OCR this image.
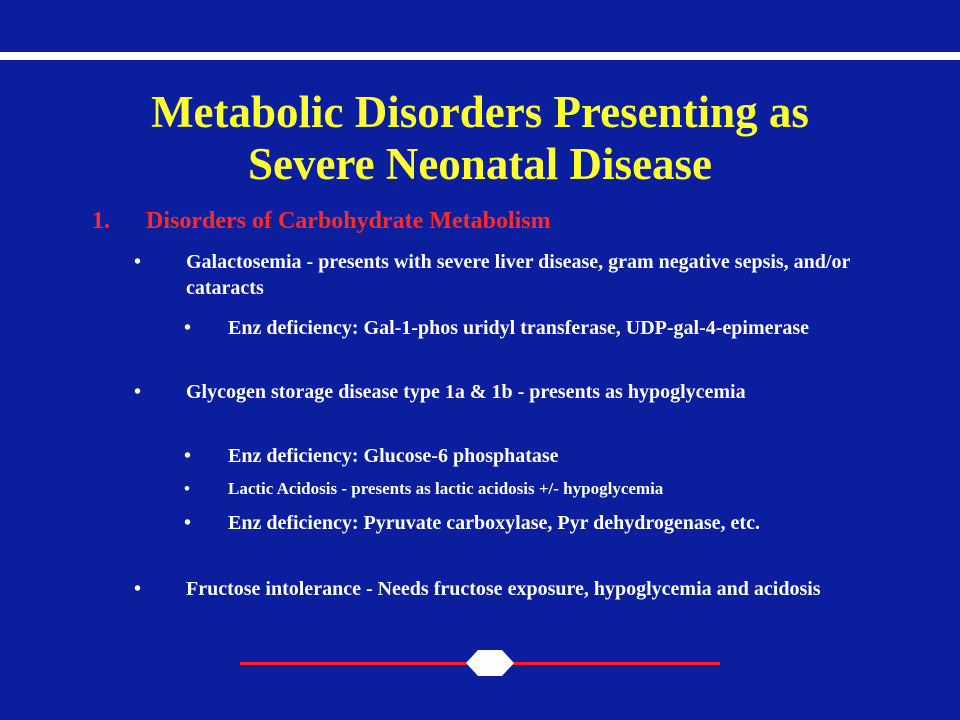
Metabolic Disorders Presenting as
Severe Neonatal Disease
1. Disorders of Carbohydrate Metabolism
• Galactosemia - presents with severe liver disease, gram negative sepsis, and/or cataracts
• Enz deficiency: Gal-1-phos uridyl transferase, UDP-gal-4-epimerase
• Glycogen storage disease type 1a & 1b - presents as hypoglycemia
• Enz deficiency: Glucose-6 phosphatase
• Lactic Acidosis - presents as lactic acidosis +/- hypoglycemia
• Enz deficiency: Pyruvate carboxylase, Pyr dehydrogenase, etc.
• Fructose intolerance - Needs fructose exposure, hypoglycemia and acidosis
